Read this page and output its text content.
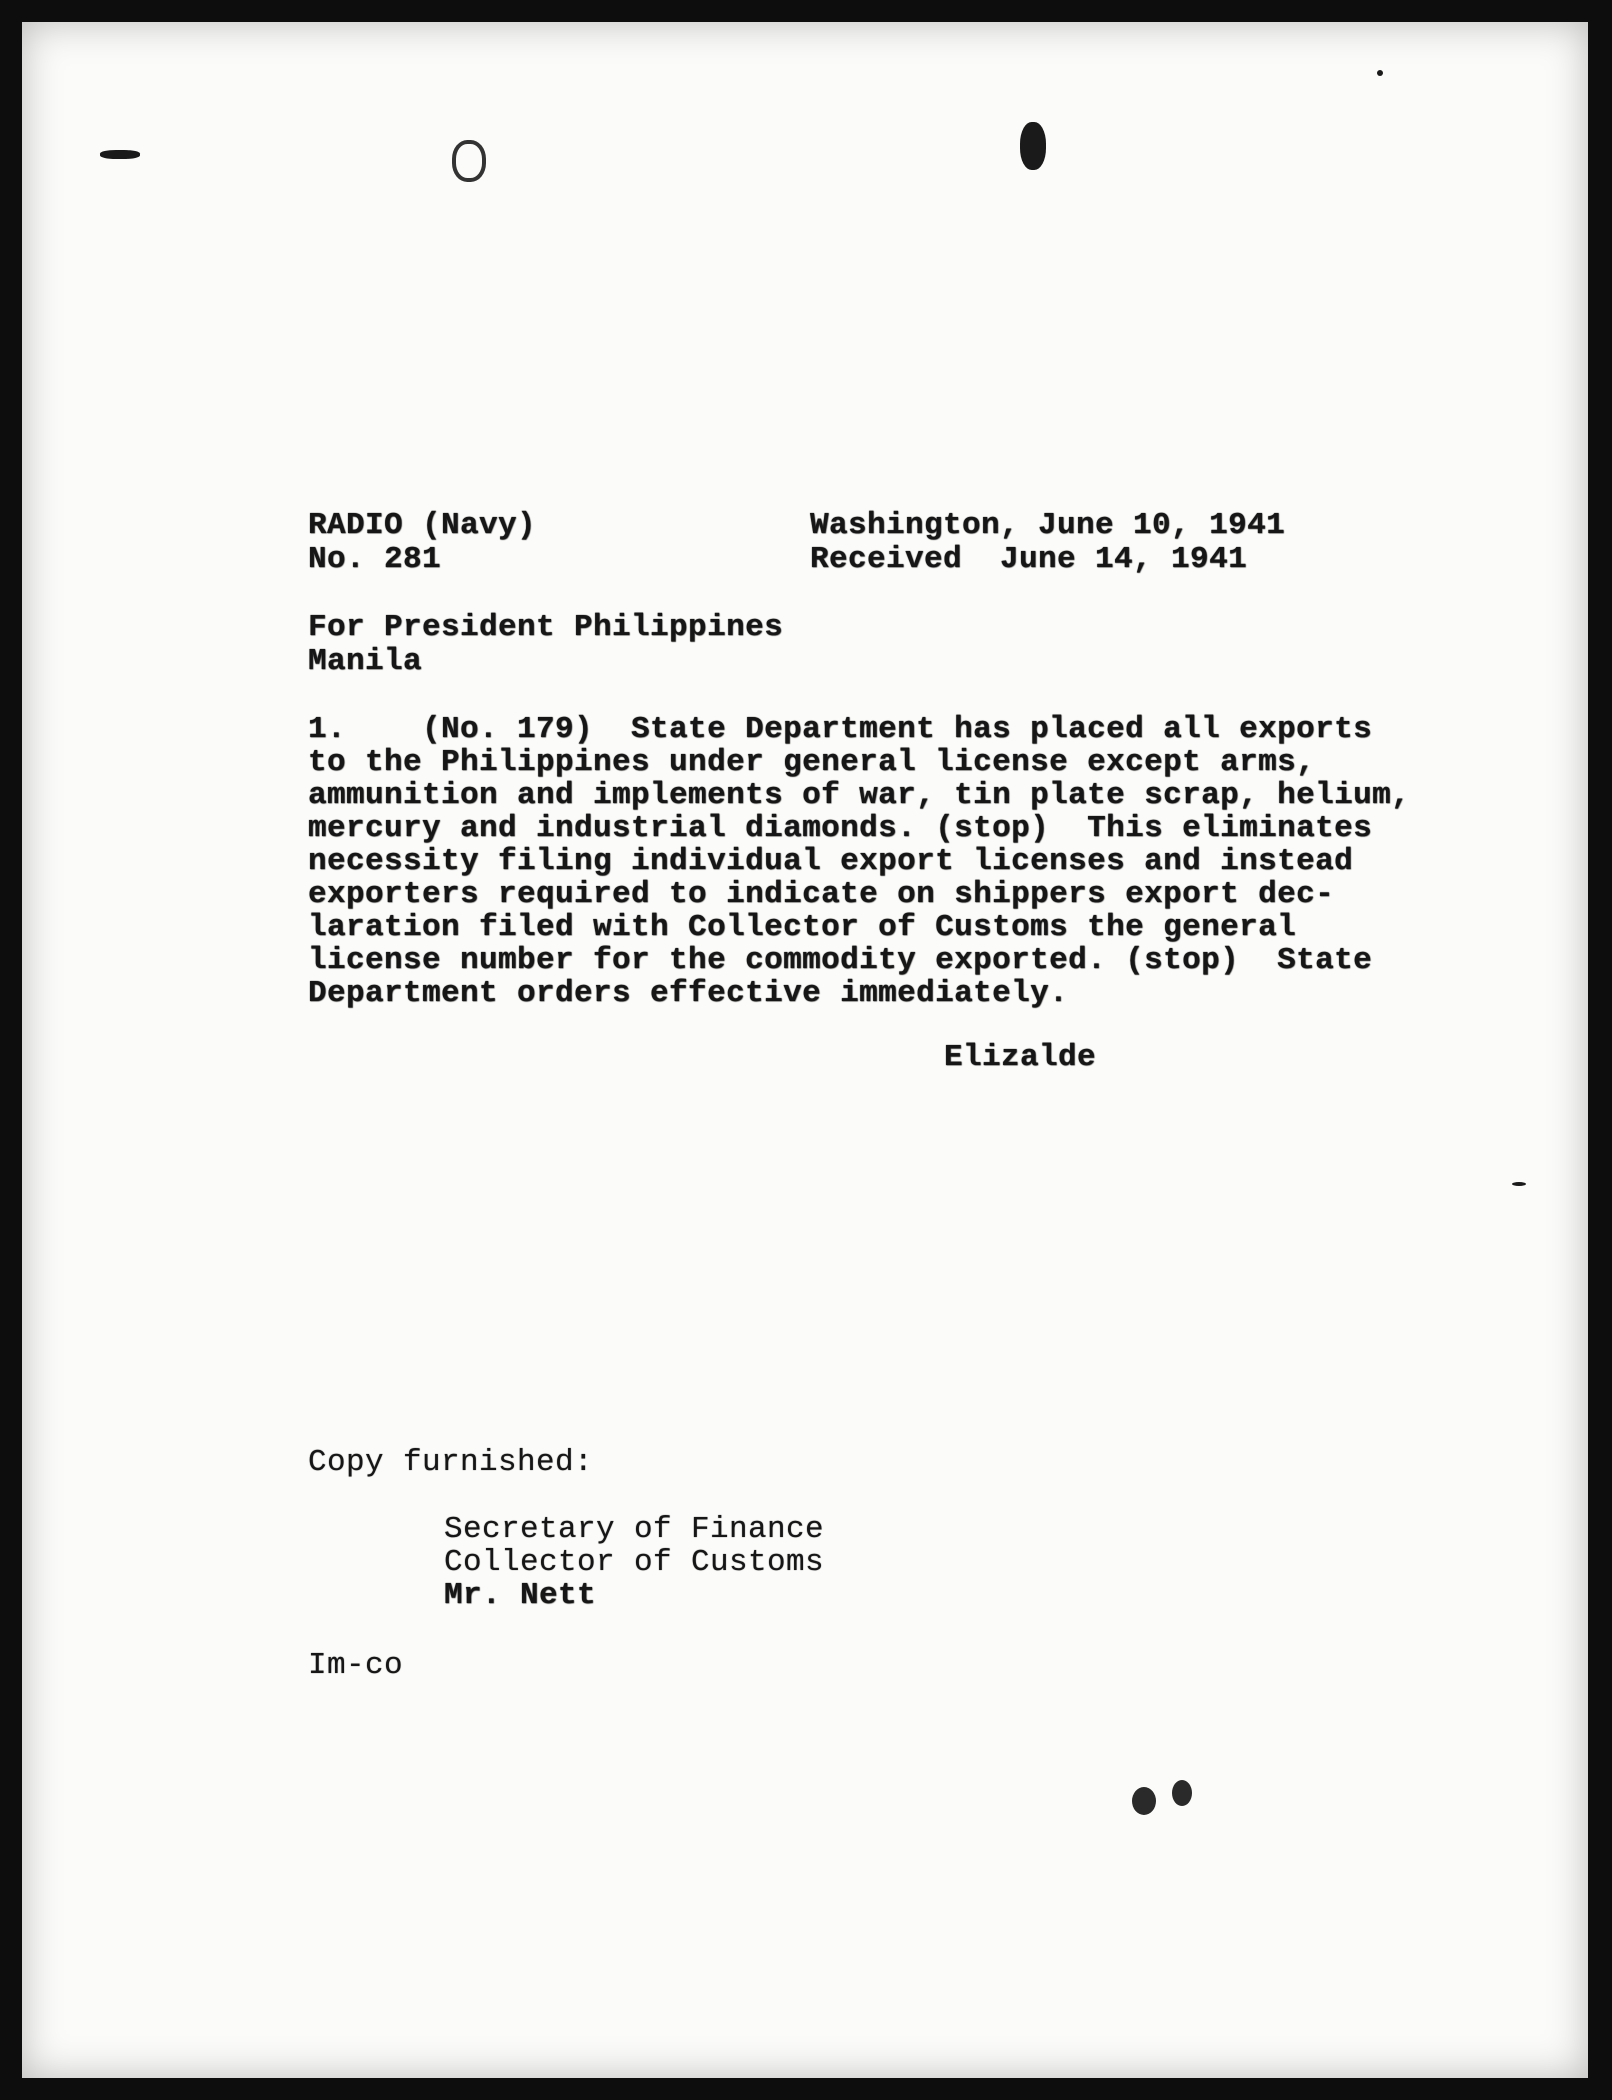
RADIO (Navy)
No. 281
Washington, June 10, 1941
Received  June 14, 1941
For President Philippines
Manila
1.    (No. 179)  State Department has placed all exports
to the Philippines under general license except arms,
ammunition and implements of war, tin plate scrap, helium,
mercury and industrial diamonds. (stop)  This eliminates
necessity filing individual export licenses and instead
exporters required to indicate on shippers export dec-
laration filed with Collector of Customs the general
license number for the commodity exported. (stop)  State
Department orders effective immediately.
Elizalde
Copy furnished:
Secretary of Finance
Collector of Customs
Mr. Nett
Im-co
